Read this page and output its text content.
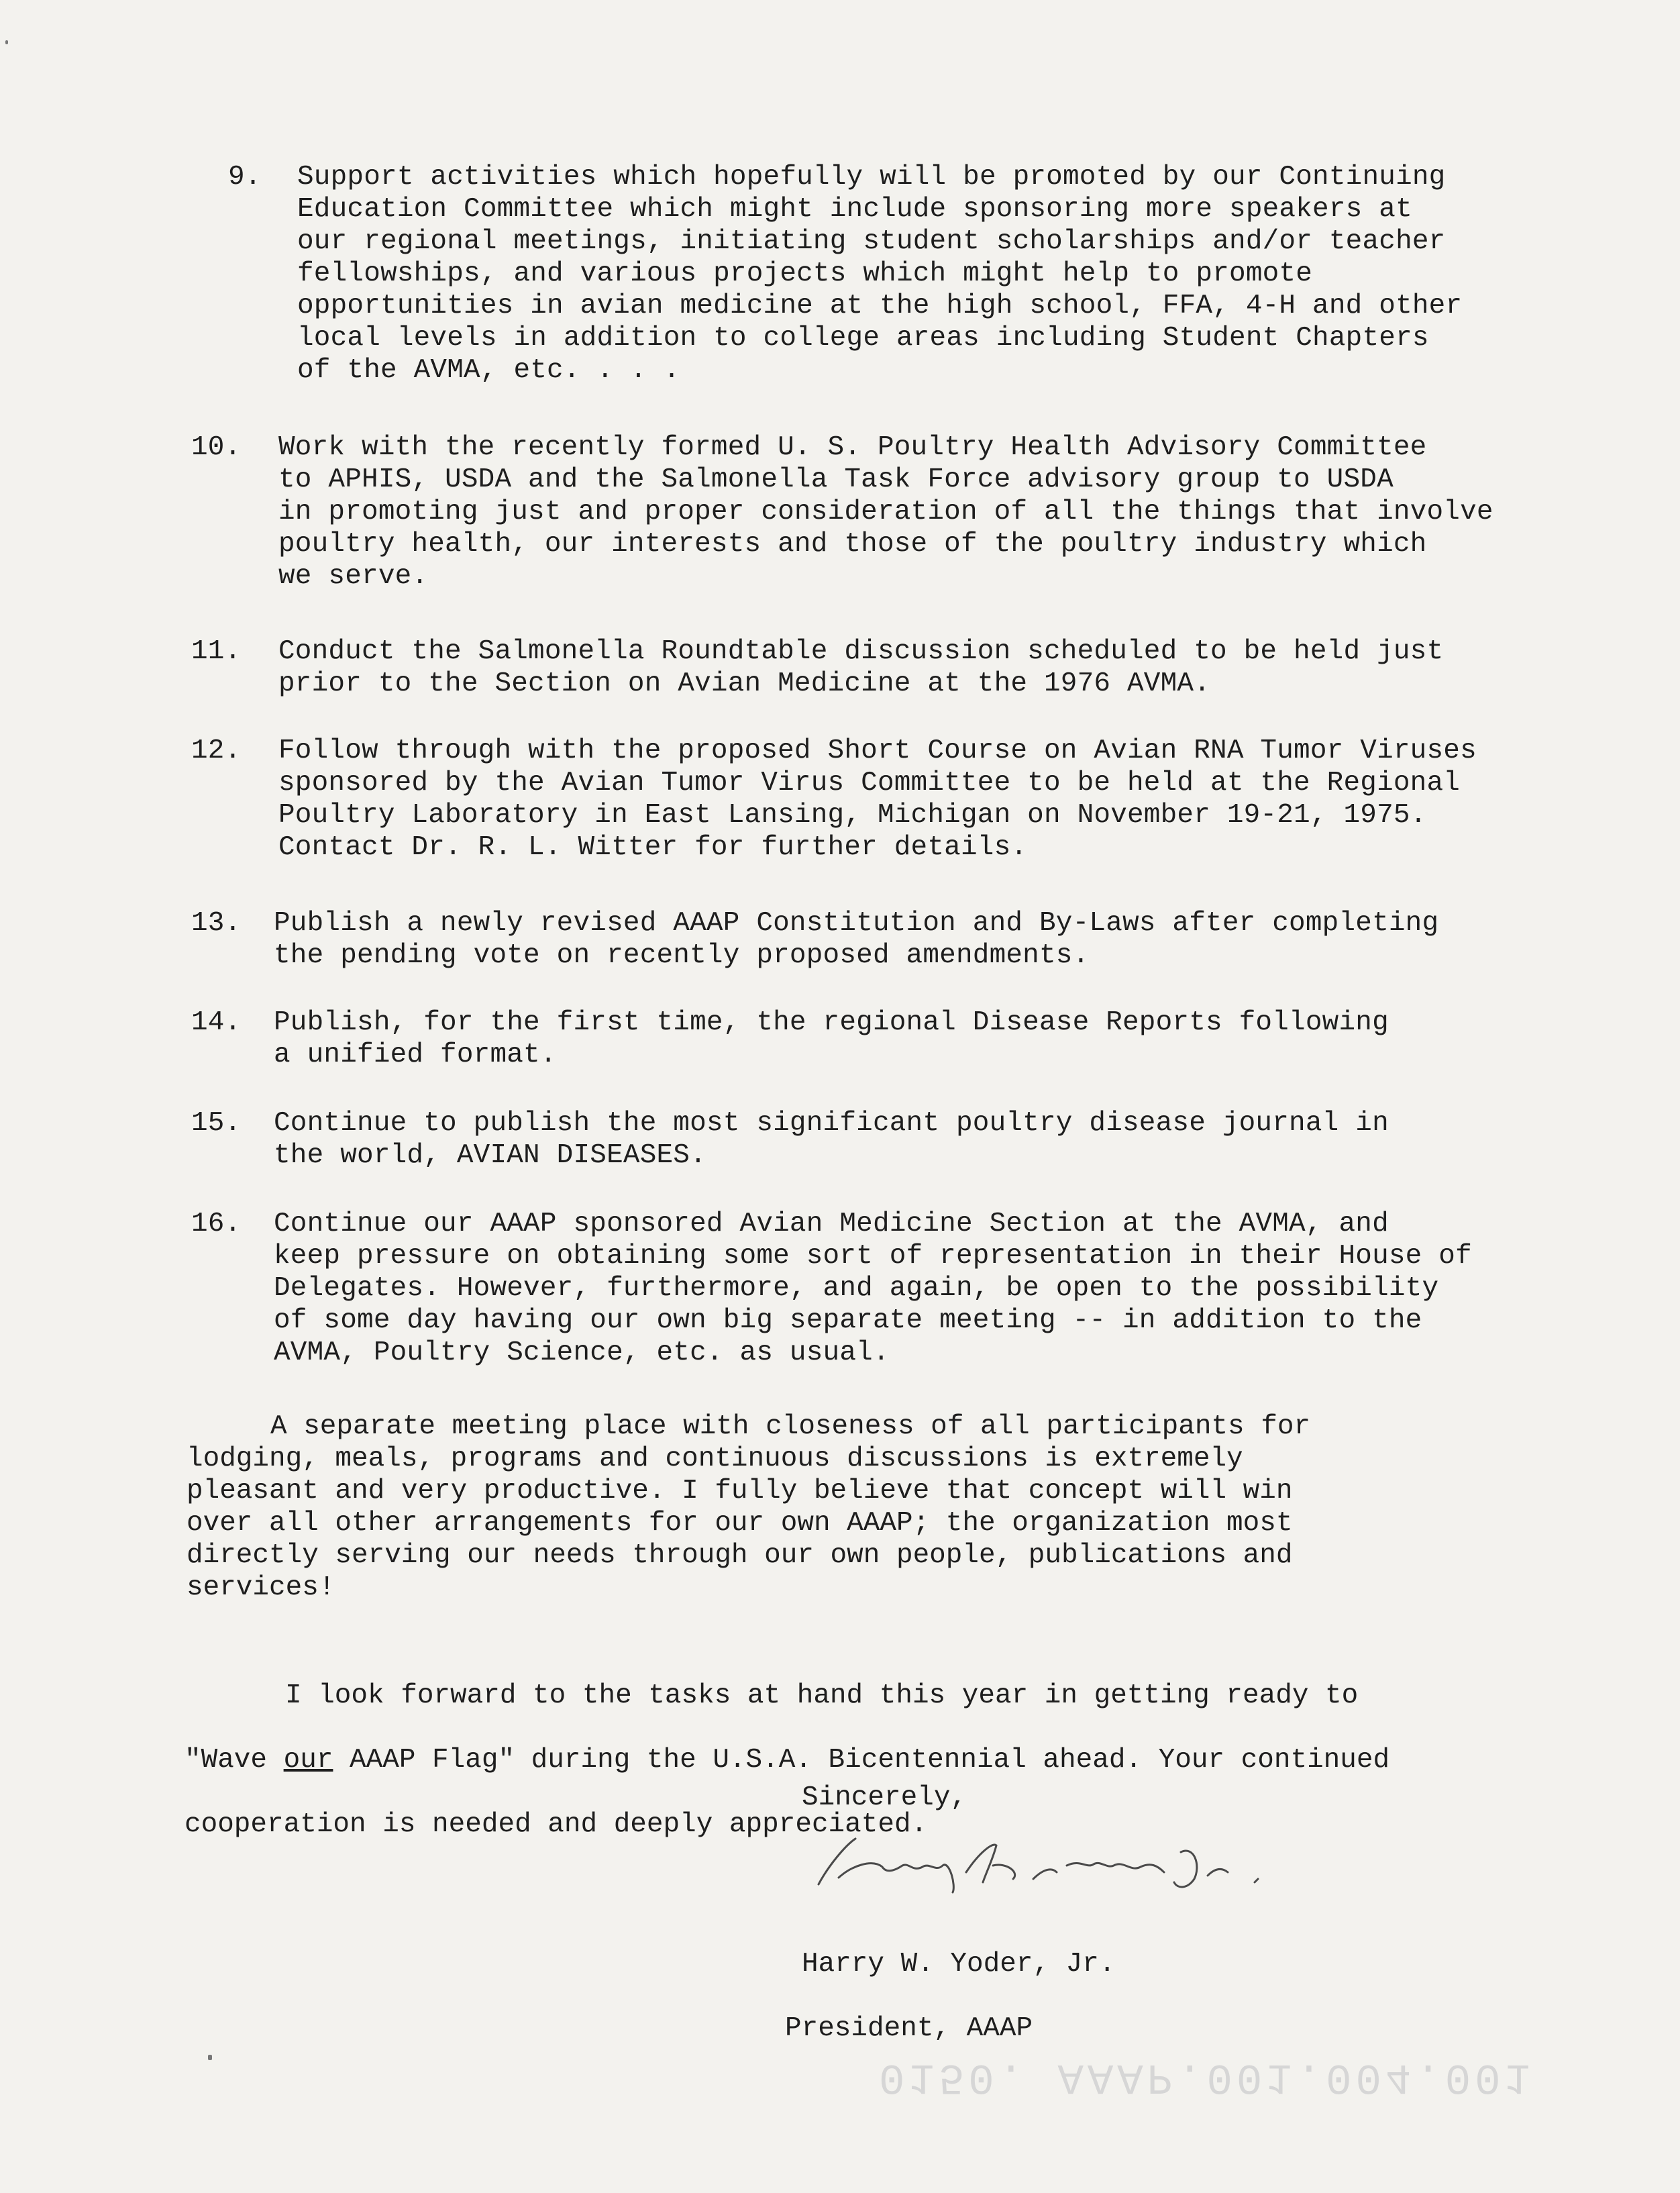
9. Support activities which hopefully will be promoted by our Continuing
Education Committee which might include sponsoring more speakers at
our regional meetings, initiating student scholarships and/or teacher
fellowships, and various projects which might help to promote
opportunities in avian medicine at the high school, FFA, 4-H and other
local levels in addition to college areas including Student Chapters
of the AVMA, etc. . . .
10. Work with the recently formed U. S. Poultry Health Advisory Committee
to APHIS, USDA and the Salmonella Task Force advisory group to USDA
in promoting just and proper consideration of all the things that involve
poultry health, our interests and those of the poultry industry which
we serve.
11. Conduct the Salmonella Roundtable discussion scheduled to be held just
prior to the Section on Avian Medicine at the 1976 AVMA.
12. Follow through with the proposed Short Course on Avian RNA Tumor Viruses
sponsored by the Avian Tumor Virus Committee to be held at the Regional
Poultry Laboratory in East Lansing, Michigan on November 19-21, 1975.
Contact Dr. R. L. Witter for further details.
13. Publish a newly revised AAAP Constitution and By-Laws after completing
the pending vote on recently proposed amendments.
14. Publish, for the first time, the regional Disease Reports following
a unified format.
15. Continue to publish the most significant poultry disease journal in
the world, AVIAN DISEASES.
16. Continue our AAAP sponsored Avian Medicine Section at the AVMA, and
keep pressure on obtaining some sort of representation in their House of
Delegates. However, furthermore, and again, be open to the possibility
of some day having our own big separate meeting -- in addition to the
AVMA, Poultry Science, etc. as usual.
A separate meeting place with closeness of all participants for
lodging, meals, programs and continuous discussions is extremely
pleasant and very productive. I fully believe that concept will win
over all other arrangements for our own AAAP; the organization most
directly serving our needs through our own people, publications and
services!

I look forward to the tasks at hand this year in getting ready to

"Wave our AAAP Flag" during the U.S.A. Bicentennial ahead. Your continued

cooperation is needed and deeply appreciated.

Sincerely,

Harry W. Yoder, Jr.

President, AAAP

0150. AAAP.001.004.001
